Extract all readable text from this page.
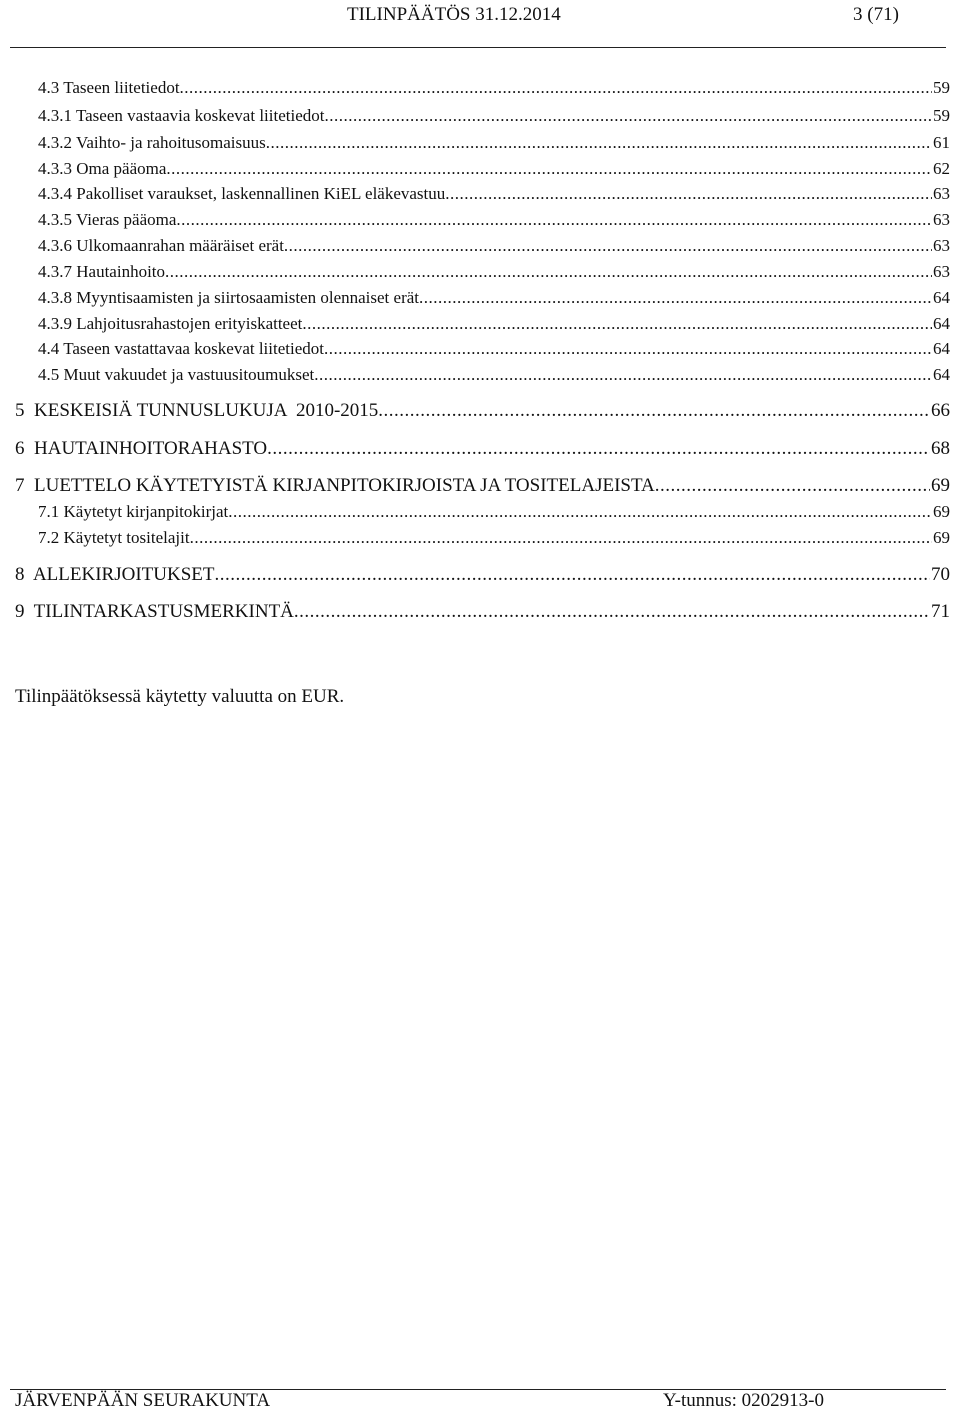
TILINPÄÄTÖS 31.12.2014	3 (71)
4.3 Taseen liitetiedot .....	59
4.3.1 Taseen vastaavia koskevat liitetiedot .....	59
4.3.2 Vaihto- ja rahoitusomaisuus .....	61
4.3.3 Oma pääoma .....	62
4.3.4 Pakolliset varaukset, laskennallinen KiEL eläkevastuu .....	63
4.3.5 Vieras pääoma .....	63
4.3.6 Ulkomaanrahan määräiset erät .....	63
4.3.7 Hautainhoito .....	63
4.3.8 Myyntisaamisten ja siirtosaamisten olennaiset erät .....	64
4.3.9 Lahjoitusrahastojen erityiskatteet .....	64
4.4 Taseen vastattavaa koskevat liitetiedot .....	64
4.5 Muut vakuudet ja vastuusitoumukset .....	64
5  KESKEISIÄ TUNNUSLUKUJA  2010-2015 .....	66
6  HAUTAINHOITORAHASTO .....	68
7  LUETTELO KÄYTETYISTÄ KIRJANPITOKIRJOISTA JA TOSITELAJEISTA .....	69
7.1 Käytetyt kirjanpitokirjat .....	69
7.2 Käytetyt tositelajit .....	69
8  ALLEKIRJOITUKSET .....	70
9  TILINTARKASTUSMERKINTÄ .....	71
Tilinpäätöksessä käytetty valuutta on EUR.
JÄRVENPÄÄN SEURAKUNTA	Y-tunnus: 0202913-0
